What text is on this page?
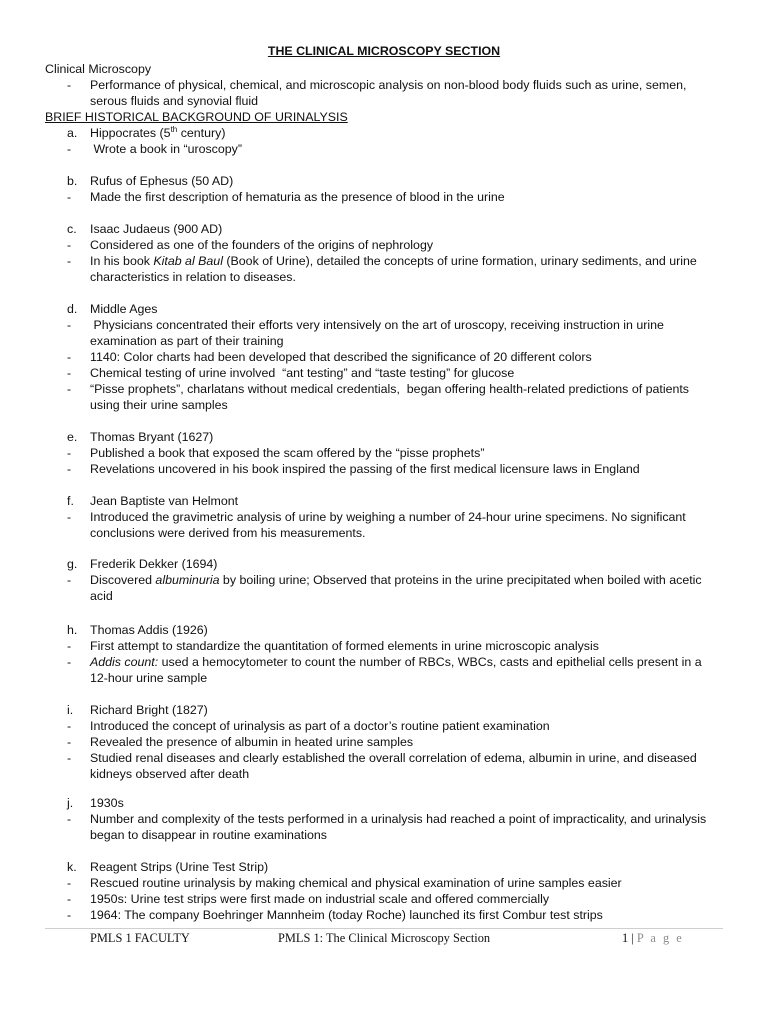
THE CLINICAL MICROSCOPY SECTION
Clinical Microscopy
- Performance of physical, chemical, and microscopic analysis on non-blood body fluids such as urine, semen,
serous fluids and synovial fluid
BRIEF HISTORICAL BACKGROUND OF URINALYSIS
a. Hippocrates (5th century)
- Wrote a book in “uroscopy”
b. Rufus of Ephesus (50 AD)
- Made the first description of hematuria as the presence of blood in the urine
c. Isaac Judaeus (900 AD)
- Considered as one of the founders of the origins of nephrology
- In his book Kitab al Baul (Book of Urine), detailed the concepts of urine formation, urinary sediments, and urine
characteristics in relation to diseases.
d. Middle Ages
- Physicians concentrated their efforts very intensively on the art of uroscopy, receiving instruction in urine
examination as part of their training
- 1140: Color charts had been developed that described the significance of 20 different colors
- Chemical testing of urine involved  “ant testing” and “taste testing” for glucose
- “Pisse prophets”, charlatans without medical credentials,  began offering health-related predictions of patients
using their urine samples
e. Thomas Bryant (1627)
- Published a book that exposed the scam offered by the “pisse prophets”
- Revelations uncovered in his book inspired the passing of the first medical licensure laws in England
f. Jean Baptiste van Helmont
- Introduced the gravimetric analysis of urine by weighing a number of 24-hour urine specimens. No significant
conclusions were derived from his measurements.
g. Frederik Dekker (1694)
- Discovered albuminuria by boiling urine; Observed that proteins in the urine precipitated when boiled with acetic
acid
h. Thomas Addis (1926)
- First attempt to standardize the quantitation of formed elements in urine microscopic analysis
- Addis count: used a hemocytometer to count the number of RBCs, WBCs, casts and epithelial cells present in a
12-hour urine sample
i. Richard Bright (1827)
- Introduced the concept of urinalysis as part of a doctor’s routine patient examination
- Revealed the presence of albumin in heated urine samples
- Studied renal diseases and clearly established the overall correlation of edema, albumin in urine, and diseased
kidneys observed after death
j. 1930s
- Number and complexity of the tests performed in a urinalysis had reached a point of impracticality, and urinalysis
began to disappear in routine examinations
k. Reagent Strips (Urine Test Strip)
- Rescued routine urinalysis by making chemical and physical examination of urine samples easier
- 1950s: Urine test strips were first made on industrial scale and offered commercially
- 1964: The company Boehringer Mannheim (today Roche) launched its first Combur test strips
PMLS 1 FACULTY	PMLS 1: The Clinical Microscopy Section	1 | P a g e
